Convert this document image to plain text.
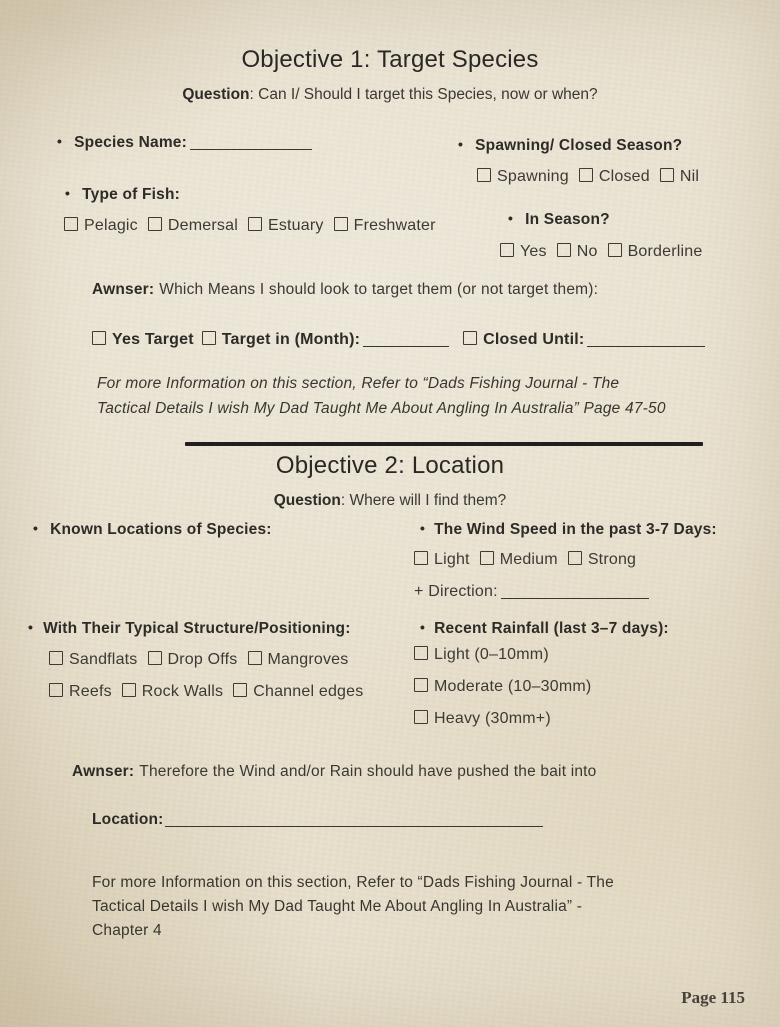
Objective 1: Target Species
Question: Can I/ Should I target this Species, now or when?
•Species Name: •	Spawning/ Closed Season?
Spawning Closed Nil
•Type of Fish:
Pelagic Demersal Estuary Freshwater •	In Season?
Yes No Borderline
Awnser: Which Means I should look to target them (or not target them):
Yes Target Target in (Month):	Closed Until:
For more Information on this section, Refer to “Dads Fishing Journal - The
Tactical Details I wish My Dad Taught Me About Angling In Australia” Page 47-50
Objective 2: Location
Question: Where will I find them?
•Known Locations of Species: •	The Wind Speed in the past 3-7 Days:
Light Medium Strong
+ Direction:
•With Their Typical Structure/Positioning:
Sandflats Drop Offs Mangroves
Reefs Rock Walls Channel edges
•Recent Rainfall (last 3–7 days):
Light (0–10mm)
Moderate (10–30mm)
Heavy (30mm+)
Awnser: Therefore the Wind and/or Rain should have pushed the bait into
Location:
For more Information on this section, Refer to “Dads Fishing Journal - The
Tactical Details I wish My Dad Taught Me About Angling In Australia” -
Chapter 4
Page 115
